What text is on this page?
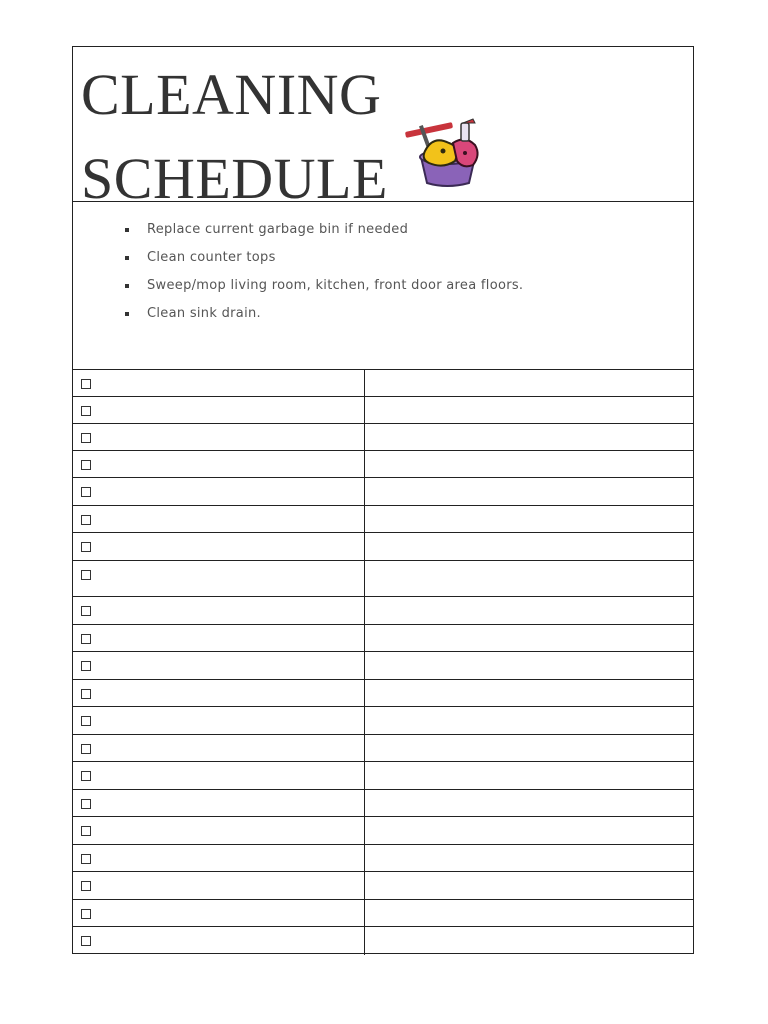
CLEANING
SCHEDULE
Replace current garbage bin if needed
Clean counter tops
Sweep/mop living room, kitchen, front door area floors.
Clean sink drain.
